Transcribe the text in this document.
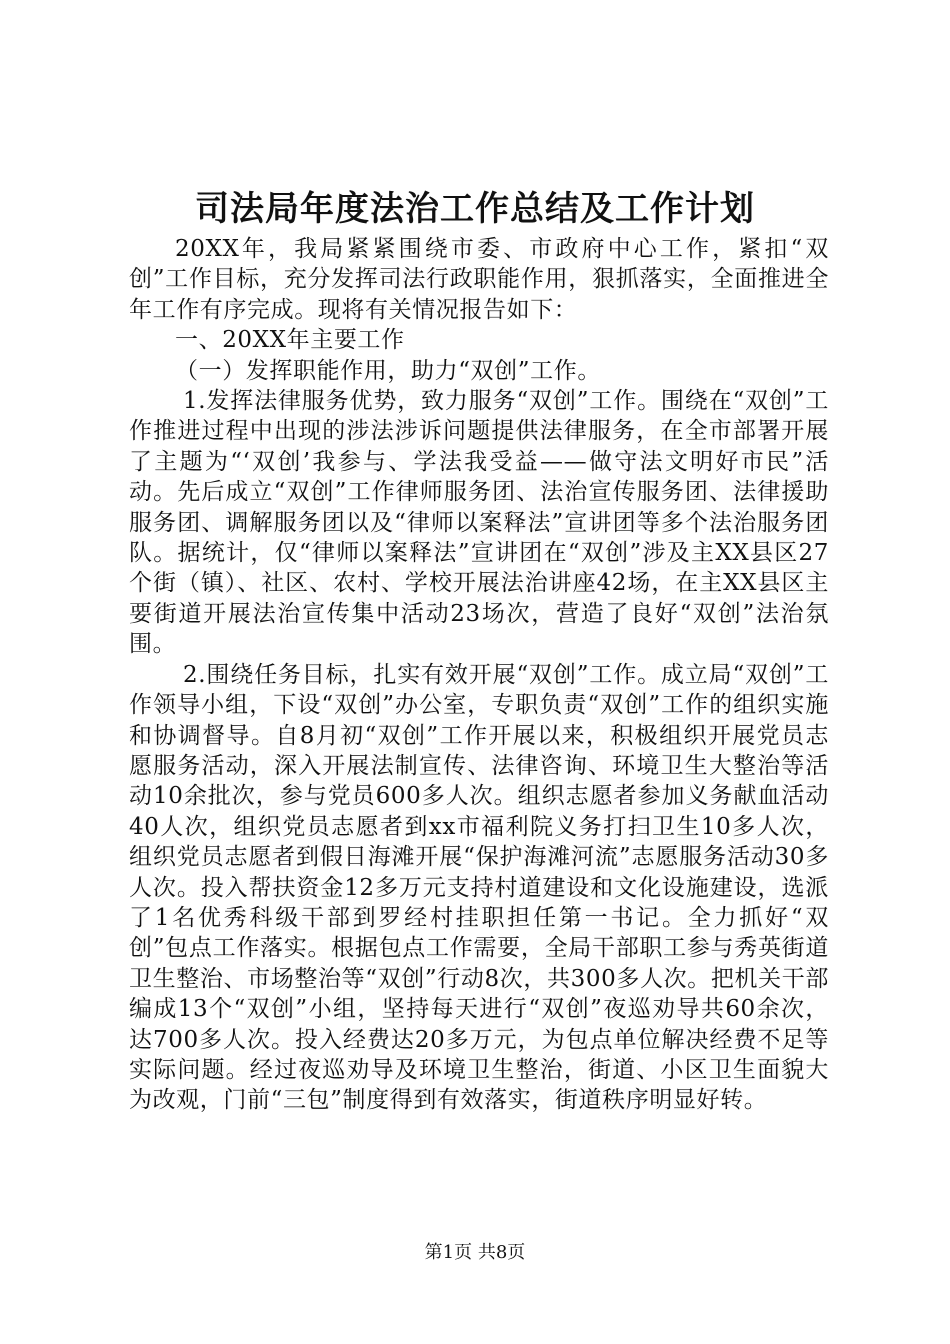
司法局年度法治工作总结及工作计划

20XX年，我局紧紧围绕市委、市政府中心工作，紧扣“双创”工作目标，充分发挥司法行政职能作用，狠抓落实，全面推进全年工作有序完成。现将有关情况报告如下：

一、20XX年主要工作

（一）发挥职能作用，助力“双创”工作。

1.发挥法律服务优势，致力服务“双创”工作。围绕在“双创”工作推进过程中出现的涉法涉诉问题提供法律服务，在全市部署开展了主题为“‘双创’我参与、学法我受益——做守法文明好市民”活动。先后成立“双创”工作律师服务团、法治宣传服务团、法律援助服务团、调解服务团以及“律师以案释法”宣讲团等多个法治服务团队。据统计，仅“律师以案释法”宣讲团在“双创”涉及主XX县区27个街（镇）、社区、农村、学校开展法治讲座42场，在主XX县区主要街道开展法治宣传集中活动23场次，营造了良好“双创”法治氛围。

2.围绕任务目标，扎实有效开展“双创”工作。成立局“双创”工作领导小组，下设“双创”办公室，专职负责“双创”工作的组织实施和协调督导。自8月初“双创”工作开展以来，积极组织开展党员志愿服务活动，深入开展法制宣传、法律咨询、环境卫生大整治等活动10余批次，参与党员600多人次。组织志愿者参加义务献血活动40人次，组织党员志愿者到xx市福利院义务打扫卫生10多人次，组织党员志愿者到假日海滩开展“保护海滩河流”志愿服务活动30多人次。投入帮扶资金12多万元支持村道建设和文化设施建设，选派了1名优秀科级干部到罗经村挂职担任第一书记。全力抓好“双创”包点工作落实。根据包点工作需要，全局干部职工参与秀英街道卫生整治、市场整治等“双创”行动8次，共300多人次。把机关干部编成13个“双创”小组，坚持每天进行“双创”夜巡劝导共60余次，达700多人次。投入经费达20多万元，为包点单位解决经费不足等实际问题。经过夜巡劝导及环境卫生整治，街道、小区卫生面貌大为改观，门前“三包”制度得到有效落实，街道秩序明显好转。

第1页 共8页
